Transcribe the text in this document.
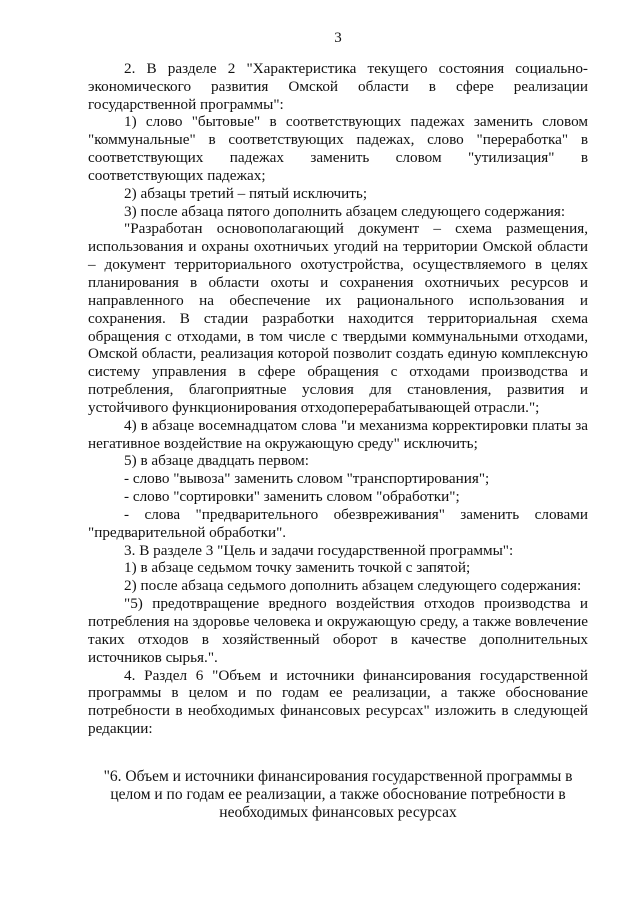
3

2. В разделе 2 "Характеристика текущего состояния социально-экономического развития Омской области в сфере реализации государственной программы":

1) слово "бытовые" в соответствующих падежах заменить словом "коммунальные" в соответствующих падежах, слово "переработка" в соответствующих падежах заменить словом "утилизация" в соответствующих падежах;

2) абзацы третий – пятый исключить;

3) после абзаца пятого дополнить абзацем следующего содержания:

"Разработан основополагающий документ – схема размещения, использования и охраны охотничьих угодий на территории Омской области – документ территориального охотустройства, осуществляемого в целях планирования в области охоты и сохранения охотничьих ресурсов и направленного на обеспечение их рационального использования и сохранения. В стадии разработки находится территориальная схема обращения с отходами, в том числе с твердыми коммунальными отходами, Омской области, реализация которой позволит создать единую комплексную систему управления в сфере обращения с отходами производства и потребления, благоприятные условия для становления, развития и устойчивого функционирования отходоперерабатывающей отрасли.";

4) в абзаце восемнадцатом слова "и механизма корректировки платы за негативное воздействие на окружающую среду" исключить;

5) в абзаце двадцать первом:

- слово "вывоза" заменить словом "транспортирования";

- слово "сортировки" заменить словом "обработки";

- слова "предварительного обезвреживания" заменить словами "предварительной обработки".

3. В разделе 3 "Цель и задачи государственной программы":

1) в абзаце седьмом точку заменить точкой с запятой;

2) после абзаца седьмого дополнить абзацем следующего содержания:

"5) предотвращение вредного воздействия отходов производства и потребления на здоровье человека и окружающую среду, а также вовлечение таких отходов в хозяйственный оборот в качестве дополнительных источников сырья.".

4. Раздел 6 "Объем и источники финансирования государственной программы в целом и по годам ее реализации, а также обоснование потребности в необходимых финансовых ресурсах" изложить в следующей редакции:

"6. Объем и источники финансирования государственной программы в целом и по годам ее реализации, а также обоснование потребности в необходимых финансовых ресурсах
